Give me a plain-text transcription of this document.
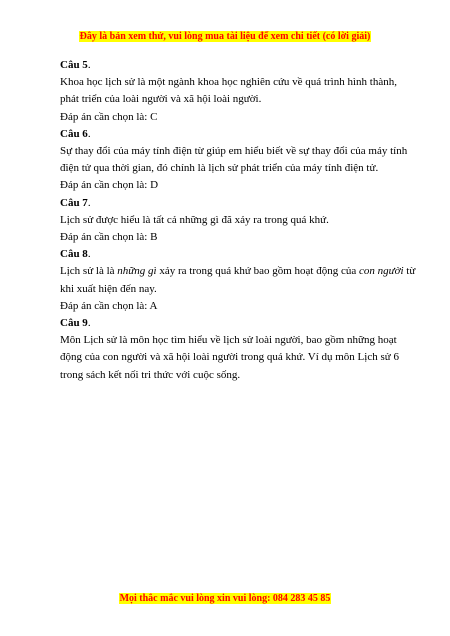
Đây là bản xem thử, vui lòng mua tài liệu để xem chi tiết (có lời giải)

Câu 5.

Khoa học lịch sử là một ngành khoa học nghiên cứu về quá trình hình thành,

phát triển của loài người và xã hội loài người.

Đáp án cần chọn là: C

Câu 6.

Sự thay đổi của máy tính điện từ giúp em hiểu biết về sự thay đổi của máy tính

điện tử qua thời gian, đó chính là lịch sử phát triển của máy tính điện tử.

Đáp án cần chọn là: D

Câu 7.

Lịch sử được hiểu là tất cả những gì đã xảy ra trong quá khứ.

Đáp án cần chọn là: B

Câu 8.

Lịch sử là là những gì xảy ra trong quá khứ bao gồm hoạt động của con người từ

khi xuất hiện đến nay.

Đáp án cần chọn là: A

Câu 9.

Môn Lịch sử là môn học tìm hiểu về lịch sử loài người, bao gồm những hoạt

động của con người và xã hội loài người trong quá khứ. Ví dụ môn Lịch sử 6

trong sách kết nối tri thức với cuộc sống.

Mọi thắc mắc vui lòng xin vui lòng: 084 283 45 85
